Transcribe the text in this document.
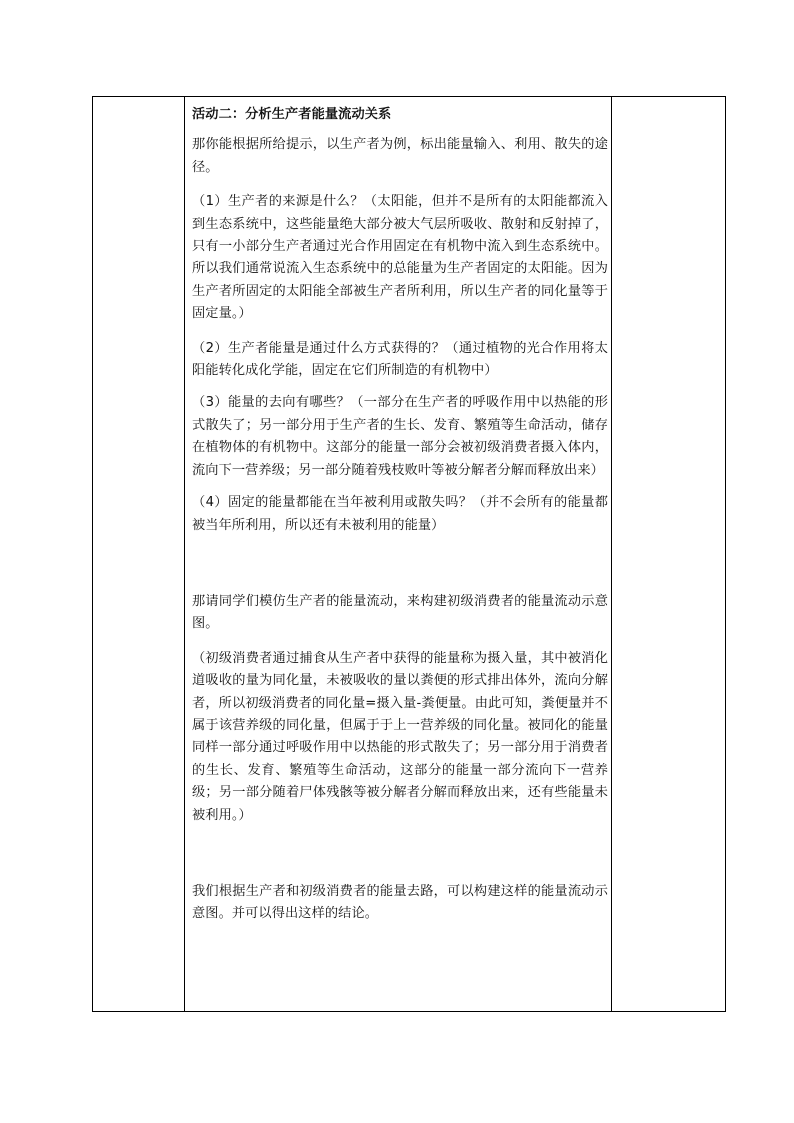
活动二：分析生产者能量流动关系

那你能根据所给提示，以生产者为例，标出能量输入、利用、散失的途径。

（1）生产者的来源是什么？（太阳能，但并不是所有的太阳能都流入到生态系统中，这些能量绝大部分被大气层所吸收、散射和反射掉了，只有一小部分生产者通过光合作用固定在有机物中流入到生态系统中。所以我们通常说流入生态系统中的总能量为生产者固定的太阳能。因为生产者所固定的太阳能全部被生产者所利用，所以生产者的同化量等于固定量。）

（2）生产者能量是通过什么方式获得的？（通过植物的光合作用将太阳能转化成化学能，固定在它们所制造的有机物中）

（3）能量的去向有哪些？（一部分在生产者的呼吸作用中以热能的形式散失了；另一部分用于生产者的生长、发育、繁殖等生命活动，储存在植物体的有机物中。这部分的能量一部分会被初级消费者摄入体内，流向下一营养级；另一部分随着残枝败叶等被分解者分解而释放出来）

（4）固定的能量都能在当年被利用或散失吗？（并不会所有的能量都被当年所利用，所以还有未被利用的能量）

那请同学们模仿生产者的能量流动，来构建初级消费者的能量流动示意图。

（初级消费者通过捕食从生产者中获得的能量称为摄入量，其中被消化道吸收的量为同化量，未被吸收的量以粪便的形式排出体外，流向分解者，所以初级消费者的同化量=摄入量-粪便量。由此可知，粪便量并不属于该营养级的同化量，但属于于上一营养级的同化量。被同化的能量同样一部分通过呼吸作用中以热能的形式散失了；另一部分用于消费者的生长、发育、繁殖等生命活动，这部分的能量一部分流向下一营养级；另一部分随着尸体残骸等被分解者分解而释放出来，还有些能量未被利用。）

我们根据生产者和初级消费者的能量去路，可以构建这样的能量流动示意图。并可以得出这样的结论。
